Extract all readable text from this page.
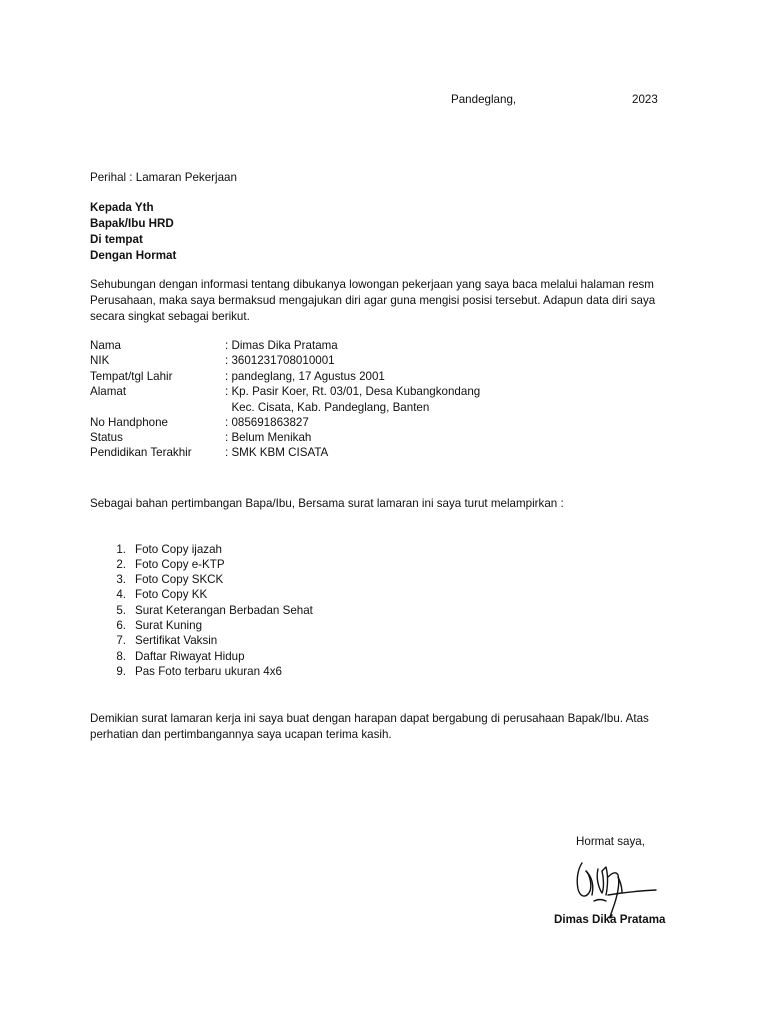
Pandeglang,	2023
Perihal : Lamaran Pekerjaan
Kepada Yth
Bapak/Ibu HRD
Di tempat
Dengan Hormat
Sehubungan dengan informasi tentang dibukanya lowongan pekerjaan yang saya baca melalui halaman resm
Perusahaan, maka saya bermaksud mengajukan diri agar guna mengisi posisi tersebut. Adapun data diri saya
secara singkat sebagai berikut.
Nama	: Dimas Dika Pratama
NIK	: 3601231708010001
Tempat/tgl Lahir	: pandeglang, 17 Agustus 2001
Alamat	: Kp. Pasir Koer, Rt. 03/01, Desa Kubangkondang
Kec. Cisata, Kab. Pandeglang, Banten
No Handphone	: 085691863827
Status	: Belum Menikah
Pendidikan Terakhir	: SMK KBM CISATA
Sebagai bahan pertimbangan Bapa/Ibu, Bersama surat lamaran ini saya turut melampirkan :
1. Foto Copy ijazah
2. Foto Copy e-KTP
3. Foto Copy SKCK
4. Foto Copy KK
5. Surat Keterangan Berbadan Sehat
6. Surat Kuning
7. Sertifikat Vaksin
8. Daftar Riwayat Hidup
9. Pas Foto terbaru ukuran 4x6
Demikian surat lamaran kerja ini saya buat dengan harapan dapat bergabung di perusahaan Bapak/Ibu. Atas
perhatian dan pertimbangannya saya ucapan terima kasih.
Hormat saya,
Dimas Dika Pratama
